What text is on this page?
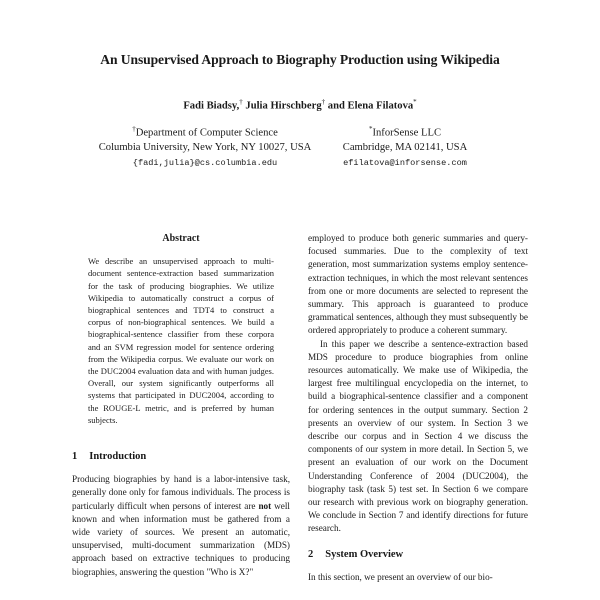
An Unsupervised Approach to Biography Production using Wikipedia
Fadi Biadsy,† Julia Hirschberg† and Elena Filatova*
†Department of Computer Science
Columbia University, New York, NY 10027, USA
{fadi,julia}@cs.columbia.edu
*InforSense LLC
Cambridge, MA 02141, USA
efilatova@inforsense.com
Abstract

We describe an unsupervised approach to multi-document sentence-extraction based summarization for the task of producing biographies. We utilize Wikipedia to automatically construct a corpus of biographical sentences and TDT4 to construct a corpus of non-biographical sentences. We build a biographical-sentence classifier from these corpora and an SVM regression model for sentence ordering from the Wikipedia corpus. We evaluate our work on the DUC2004 evaluation data and with human judges. Overall, our system significantly outperforms all systems that participated in DUC2004, according to the ROUGE-L metric, and is preferred by human subjects.

1 Introduction

Producing biographies by hand is a labor-intensive task, generally done only for famous individuals. The process is particularly difficult when persons of interest are not well known and when information must be gathered from a wide variety of sources. We present an automatic, unsupervised, multi-document summarization (MDS) approach based on extractive techniques to producing biographies, answering the question "Who is X?"

employed to produce both generic summaries and query-focused summaries. Due to the complexity of text generation, most summarization systems employ sentence-extraction techniques, in which the most relevant sentences from one or more documents are selected to represent the summary. This approach is guaranteed to produce grammatical sentences, although they must subsequently be ordered appropriately to produce a coherent summary.

In this paper we describe a sentence-extraction based MDS procedure to produce biographies from online resources automatically. We make use of Wikipedia, the largest free multilingual encyclopedia on the internet, to build a biographical-sentence classifier and a component for ordering sentences in the output summary. Section 2 presents an overview of our system. In Section 3 we describe our corpus and in Section 4 we discuss the components of our system in more detail. In Section 5, we present an evaluation of our work on the Document Understanding Conference of 2004 (DUC2004), the biography task (task 5) test set. In Section 6 we compare our research with previous work on biography generation. We conclude in Section 7 and identify directions for future research.

2 System Overview

In this section, we present an overview of our bio-
